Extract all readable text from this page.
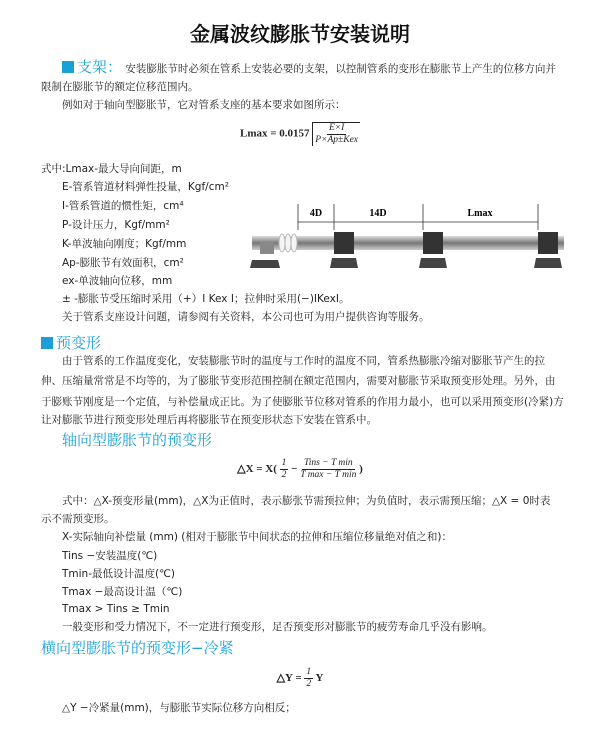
金属波纹膨胀节安装说明
支架： 安装膨胀节时必须在管系上安装必要的支架，以控制管系的变形在膨胀节上产生的位移方向并
限制在膨胀节的额定位移范围内。
例如对于轴向型膨胀节，它对管系支座的基本要求如图所示：
$Lmax = 0.0157 \frac{E\times I}{\text{P×Ap±Kex}}$
式中:Lmax-最大导向间距，m
E-管系管道材料弹性投量，Kgf/cm²
I-管系管道的惯性矩，cm⁴
P-设计压力，Kgf/mm²
K-单波轴向刚度；Kgf/mm
Ap-膨胀节有效面积，cm²
ex-单波轴向位移，mm
± -膨胀节受压缩时采用（+）I Kex I；拉伸时采用(−)IKexI。
关于管系支座设计问题，请参阅有关资料，本公司也可为用户提供咨询等服务。
4D	14D	Lmax
预变形
由于管系的工作温度变化，安装膨胀节时的温度与工作时的温度不同，管系热膨胀冷缩对膨胀节产生的拉
伸、压缩量常常是不均等的，为了膨胀节变形范围控制在额定范围内，需要对膨胀节采取预变形处理。另外，由
于膨账节刚度是一个定值，与补偿量成正比。为了使膨胀节位移对管系的作用力最小，也可以采用预变形(冷紧)方
让对膨胀节进行预变形处理后再将膨胀节在预变形状态下安装在管系中。
轴向型膨胀节的预变形
△X = $X( \frac{1}{2} - \frac{\text{Tins − T min}}{\text{T max − T min}}$ )
式中：△X-预变形量(mm)，△X为正值时，表示膨张节需预拉伸；为负值时，表示需预压缩；△X = 0时表
示不需预变形。
X-实际轴向补偿量 (mm) (相对于膨胀节中间状态的拉伸和压缩位移量绝对值之和)：
Tins −安装温度(℃)
Tmin-最低设计温度(℃)
Tmax −最高设计温（℃)
Tmax > Tins ≥ Tmin
一般变形和受力情况下，不一定进行预变形，足否预变形对膨胀节的疲劳寿命几乎没有影响。
横向型膨胀节的预变形−冷紧
△Y = $\frac{1}{2}$ Y
△Y −冷紧量(mm)，与膨胀节实际位移方向相反；
